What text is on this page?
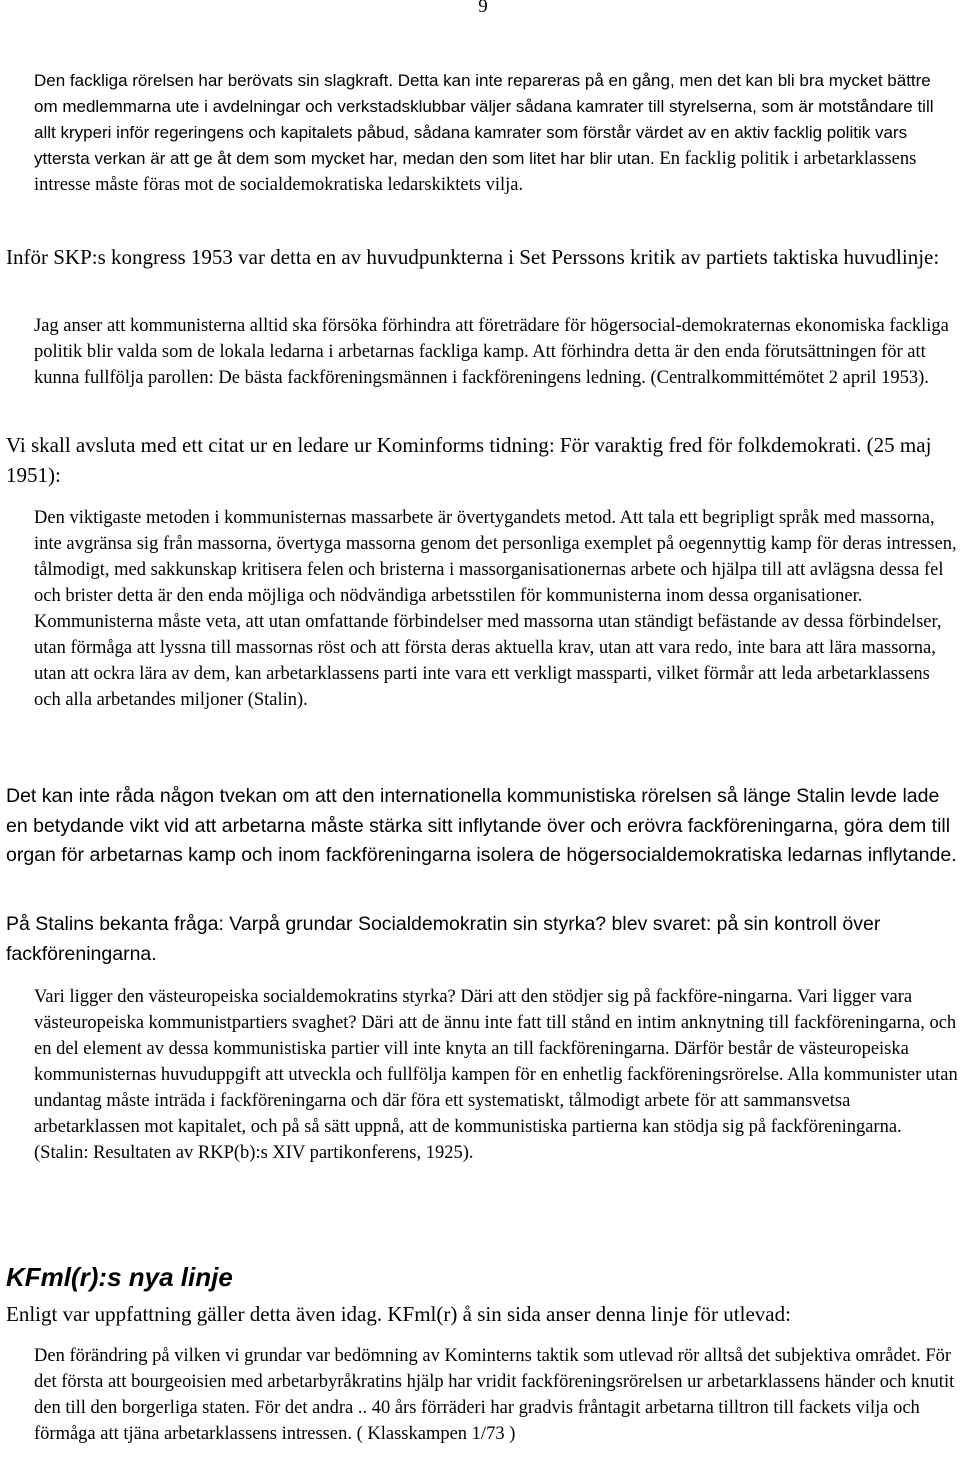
9

Den fackliga rörelsen har berövats sin slagkraft. Detta kan inte repareras på en gång, men det kan bli bra mycket bättre om medlemmarna ute i avdelningar och verkstadsklubbar väljer sådana kamrater till styrelserna, som är motståndare till allt kryperi inför regeringens och kapitalets påbud, sådana kamrater som förstår värdet av en aktiv facklig politik vars yttersta verkan är att ge åt dem som mycket har, medan den som litet har blir utan. En facklig politik i arbetarklassens intresse måste föras mot de socialdemokratiska ledarskiktets vilja.

Inför SKP:s kongress 1953 var detta en av huvudpunkterna i Set Perssons kritik av partiets taktiska huvudlinje:

Jag anser att kommunisterna alltid ska försöka förhindra att företrädare för högersocial-demokraternas ekonomiska fackliga politik blir valda som de lokala ledarna i arbetarnas fackliga kamp. Att förhindra detta är den enda förutsättningen för att kunna fullfölja parollen: De bästa fackföreningsmännen i fackföreningens ledning. (Centralkommittémötet 2 april 1953).

Vi skall avsluta med ett citat ur en ledare ur Kominforms tidning: För varaktig fred för folkdemokrati. (25 maj 1951):

Den viktigaste metoden i kommunisternas massarbete är övertygandets metod. Att tala ett begripligt språk med massorna, inte avgränsa sig från massorna, övertyga massorna genom det personliga exemplet på oegennyttig kamp för deras intressen, tålmodigt, med sakkunskap kritisera felen och bristerna i massorganisationernas arbete och hjälpa till att avlägsna dessa fel och brister detta är den enda möjliga och nödvändiga arbetsstilen för kommunisterna inom dessa organisationer. Kommunisterna måste veta, att utan omfattande förbindelser med massorna utan ständigt befästande av dessa förbindelser, utan förmåga att lyssna till massornas röst och att första deras aktuella krav, utan att vara redo, inte bara att lära massorna, utan att ockra lära av dem, kan arbetarklassens parti inte vara ett verkligt massparti, vilket förmår att leda arbetarklassens och alla arbetandes miljoner (Stalin).

Det kan inte råda någon tvekan om att den internationella kommunistiska rörelsen så länge Stalin levde lade en betydande vikt vid att arbetarna måste stärka sitt inflytande över och erövra fackföreningarna, göra dem till organ för arbetarnas kamp och inom fackföreningarna isolera de högersocialdemokratiska ledarnas inflytande.

På Stalins bekanta fråga: Varpå grundar Socialdemokratin sin styrka? blev svaret: på sin kontroll över fackföreningarna.

Vari ligger den västeuropeiska socialdemokratins styrka? Däri att den stödjer sig på fackföre-ningarna. Vari ligger vara västeuropeiska kommunistpartiers svaghet? Däri att de ännu inte fatt till stånd en intim anknytning till fackföreningarna, och en del element av dessa kommunistiska partier vill inte knyta an till fackföreningarna. Därför består de västeuropeiska kommunisternas huvuduppgift att utveckla och fullfölja kampen för en enhetlig fackföreningsrörelse. Alla kommunister utan undantag måste inträda i fackföreningarna och där föra ett systematiskt, tålmodigt arbete för att sammansvetsa arbetarklassen mot kapitalet, och på så sätt uppnå, att de kommunistiska partierna kan stödja sig på fackföreningarna. (Stalin: Resultaten av RKP(b):s XIV partikonferens, 1925).

KFml(r):s nya linje

Enligt var uppfattning gäller detta även idag. KFml(r) å sin sida anser denna linje för utlevad:

Den förändring på vilken vi grundar var bedömning av Kominterns taktik som utlevad rör alltså det subjektiva området. För det första att bourgeoisien med arbetarbyråkratins hjälp har vridit fackföreningsrörelsen ur arbetarklassens händer och knutit den till den borgerliga staten. För det andra .. 40 års förräderi har gradvis fråntagit arbetarna tilltron till fackets vilja och förmåga att tjäna arbetarklassens intressen. ( Klasskampen 1/73 )
